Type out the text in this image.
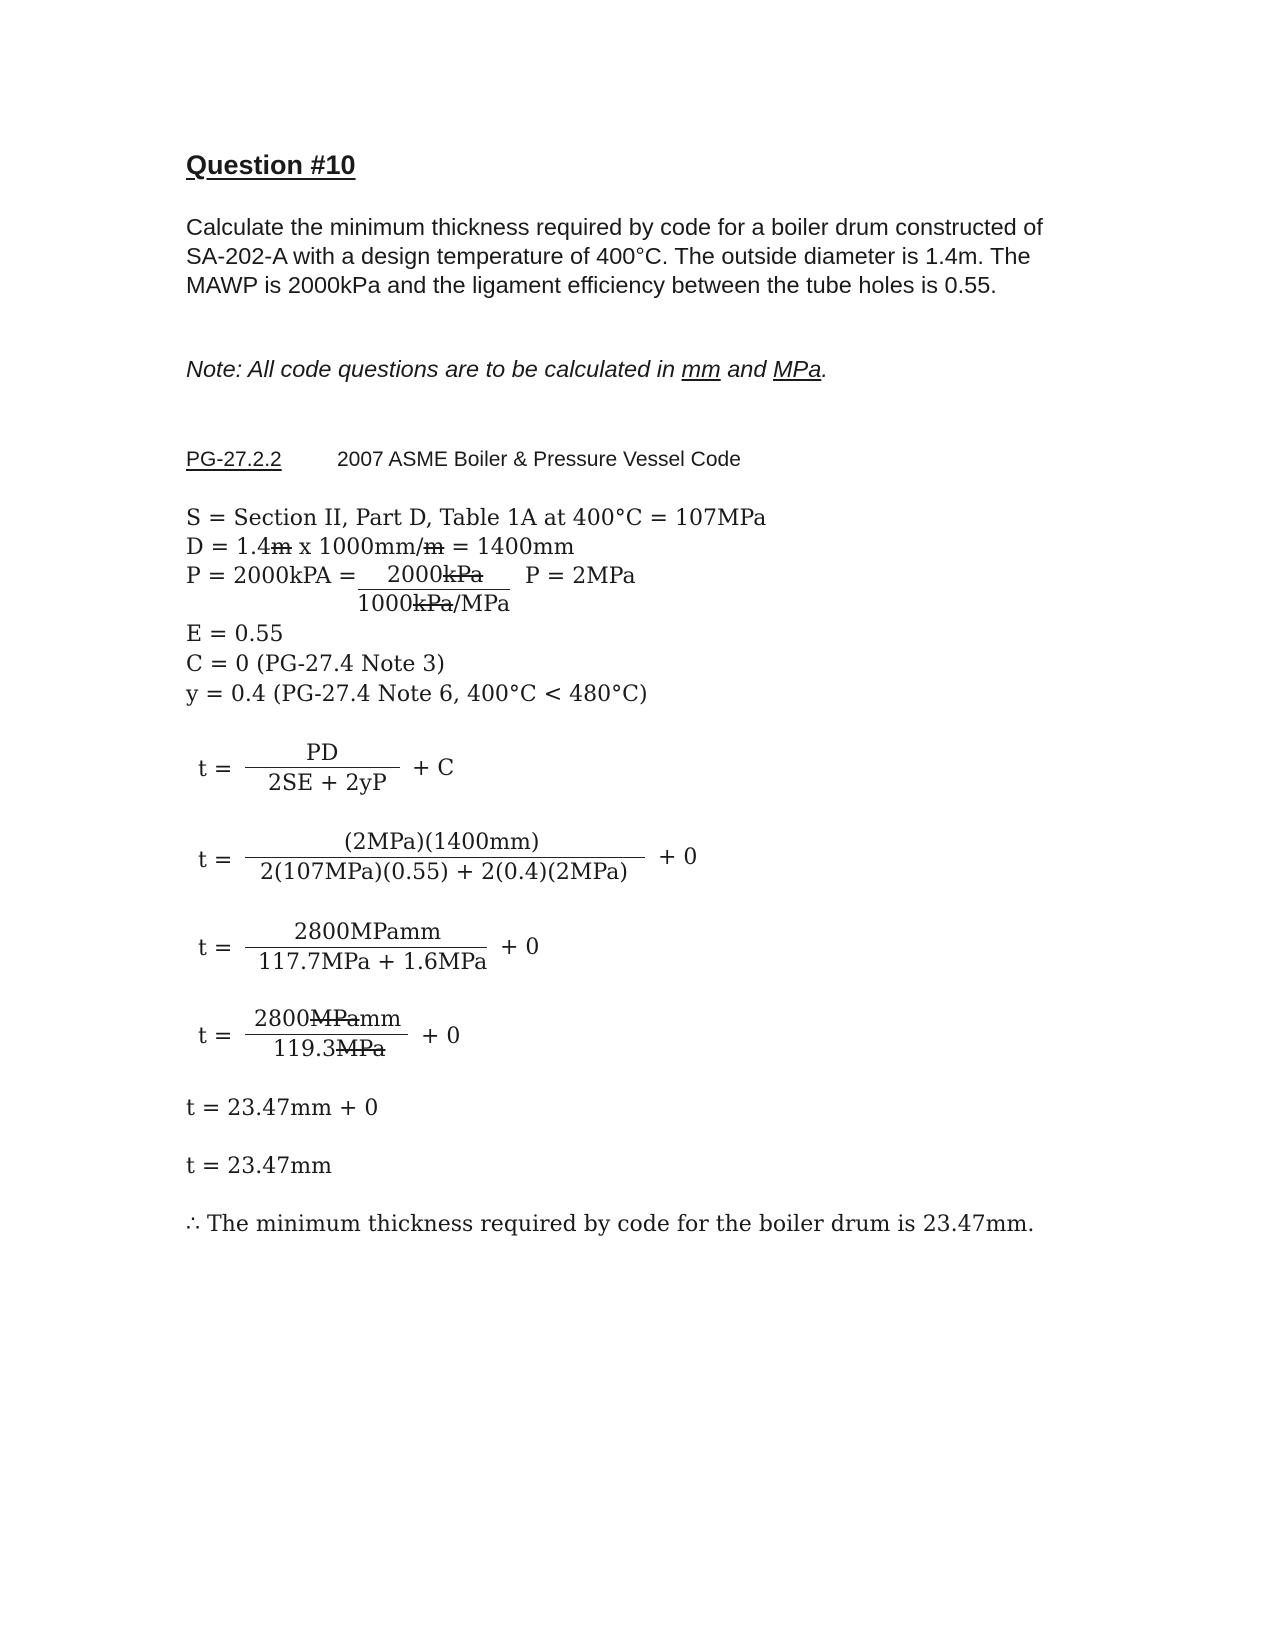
Question #10
Calculate the minimum thickness required by code for a boiler drum constructed of SA-202-A with a design temperature of 400°C. The outside diameter is 1.4m. The MAWP is 2000kPa and the ligament efficiency between the tube holes is 0.55.
Note: All code questions are to be calculated in mm and MPa.
PG-27.2.2	2007 ASME Boiler & Pressure Vessel Code
S = Section II, Part D, Table 1A at 400°C = 107MPa
D = 1.4m x 1000mm/m = 1400mm
P = 2000kPA = 2000kPa
1000kPa/MPa
P = 2MPa
E = 0.55
C = 0 (PG-27.4 Note 3)
y = 0.4 (PG-27.4 Note 6, 400°C < 480°C)
t =
PD
2SE + 2yP
+ C
t =
(2MPa)(1400mm)
2(107MPa)(0.55) + 2(0.4)(2MPa)
+ 0
t =
2800MPamm
117.7MPa + 1.6MPa
+ 0
t =
2800MPamm
119.3MPa
+ 0
t = 23.47mm + 0
t = 23.47mm
∴ The minimum thickness required by code for the boiler drum is 23.47mm.
